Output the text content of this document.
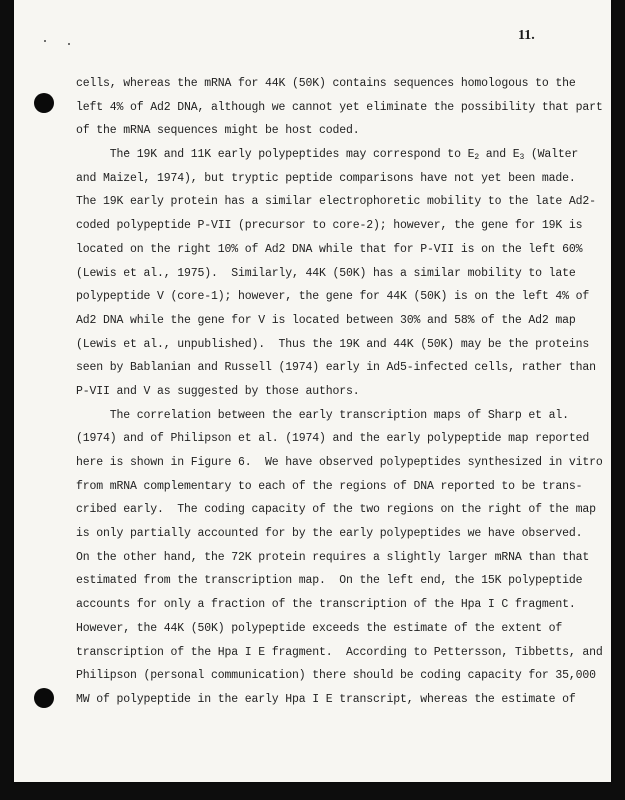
11.
cells, whereas the mRNA for 44K (50K) contains sequences homologous to the
left 4% of Ad2 DNA, although we cannot yet eliminate the possibility that part
of the mRNA sequences might be host coded.
The 19K and 11K early polypeptides may correspond to $E_2$ and $E_3$ (Walter
and Maizel, 1974), but tryptic peptide comparisons have not yet been made.
The 19K early protein has a similar electrophoretic mobility to the late Ad2-
coded polypeptide P-VII (precursor to core-2); however, the gene for 19K is
located on the right 10% of Ad2 DNA while that for P-VII is on the left 60%
(Lewis et al., 1975).  Similarly, 44K (50K) has a similar mobility to late
polypeptide V (core-1); however, the gene for 44K (50K) is on the left 4% of
Ad2 DNA while the gene for V is located between 30% and 58% of the Ad2 map
(Lewis et al., unpublished).  Thus the 19K and 44K (50K) may be the proteins
seen by Bablanian and Russell (1974) early in Ad5-infected cells, rather than
P-VII and V as suggested by those authors.
The correlation between the early transcription maps of Sharp et al.
(1974) and of Philipson et al. (1974) and the early polypeptide map reported
here is shown in Figure 6.  We have observed polypeptides synthesized in vitro
from mRNA complementary to each of the regions of DNA reported to be trans-
cribed early.  The coding capacity of the two regions on the right of the map
is only partially accounted for by the early polypeptides we have observed.
On the other hand, the 72K protein requires a slightly larger mRNA than that
estimated from the transcription map.  On the left end, the 15K polypeptide
accounts for only a fraction of the transcription of the Hpa I C fragment.
However, the 44K (50K) polypeptide exceeds the estimate of the extent of
transcription of the Hpa I E fragment.  According to Pettersson, Tibbetts, and
Philipson (personal communication) there should be coding capacity for 35,000
MW of polypeptide in the early Hpa I E transcript, whereas the estimate of
